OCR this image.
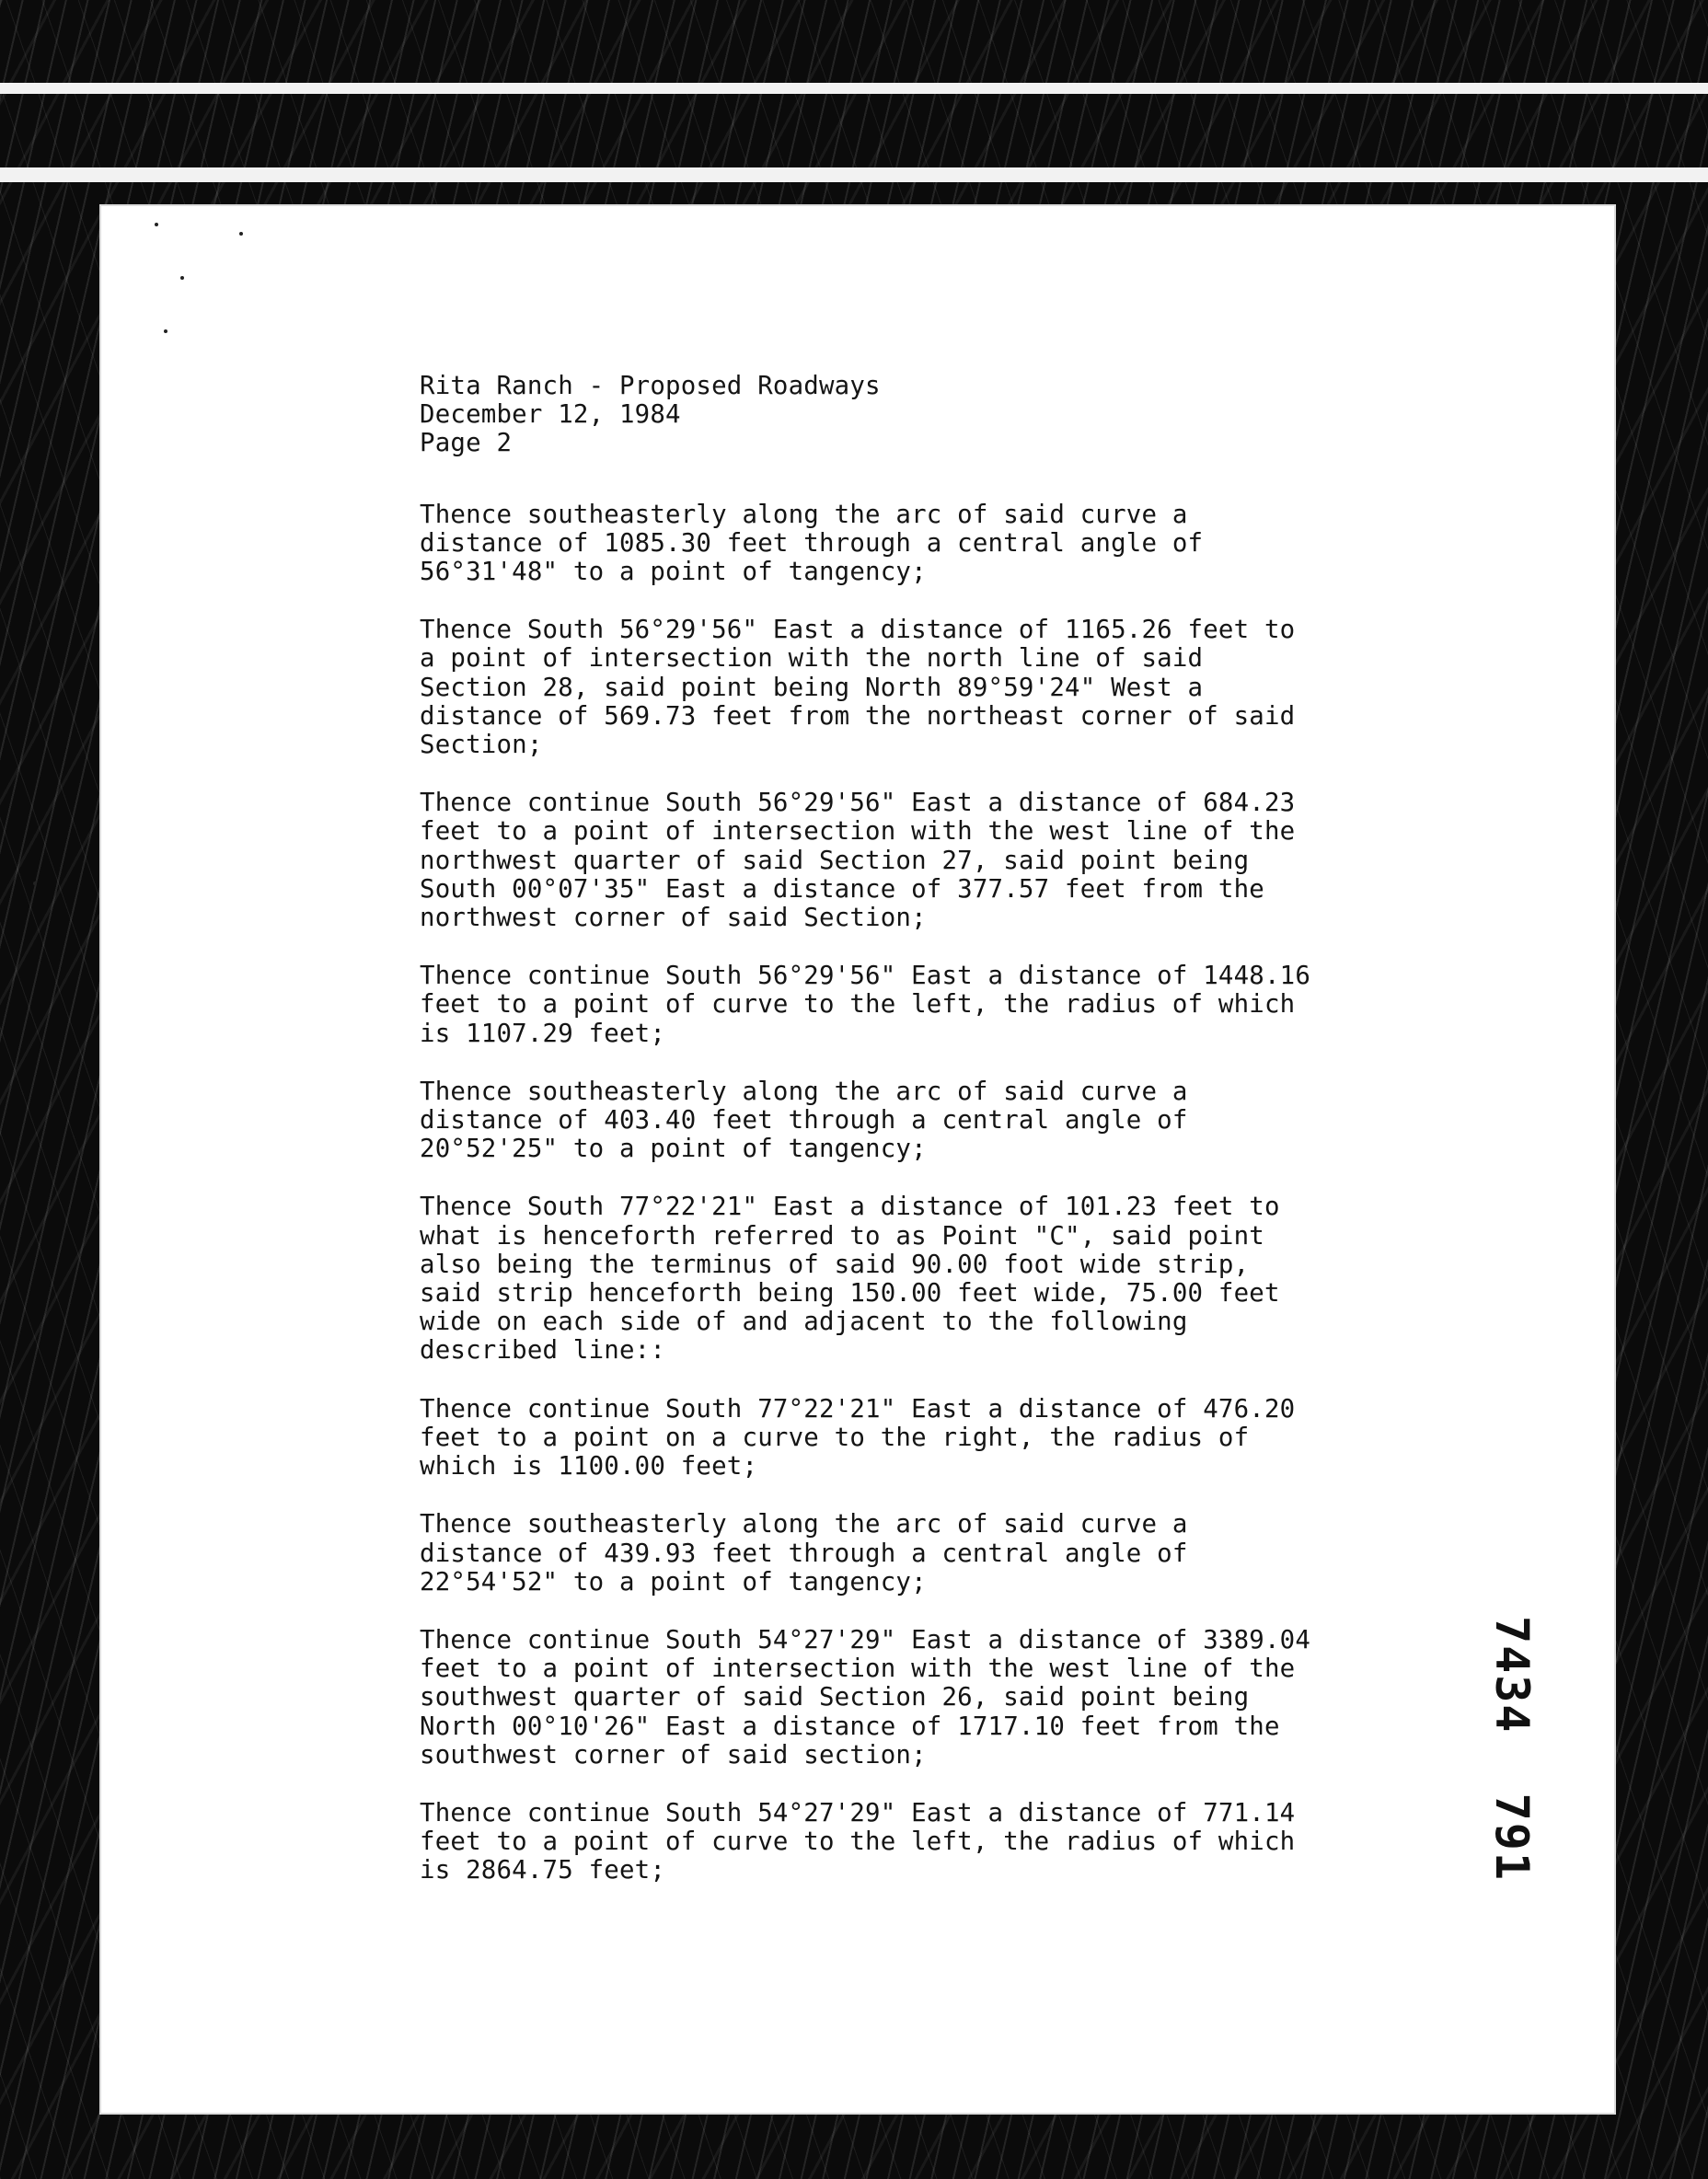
Rita Ranch - Proposed Roadways

December 12, 1984

Page 2

Thence southeasterly along the arc of said curve a
distance of 1085.30 feet through a central angle of
56°31'48" to a point of tangency;

Thence South 56°29'56" East a distance of 1165.26 feet to
a point of intersection with the north line of said
Section 28, said point being North 89°59'24" West a
distance of 569.73 feet from the northeast corner of said
Section;

Thence continue South 56°29'56" East a distance of 684.23
feet to a point of intersection with the west line of the
northwest quarter of said Section 27, said point being
South 00°07'35" East a distance of 377.57 feet from the
northwest corner of said Section;

Thence continue South 56°29'56" East a distance of 1448.16
feet to a point of curve to the left, the radius of which
is 1107.29 feet;

Thence southeasterly along the arc of said curve a
distance of 403.40 feet through a central angle of
20°52'25" to a point of tangency;

Thence South 77°22'21" East a distance of 101.23 feet to
what is henceforth referred to as Point "C", said point
also being the terminus of said 90.00 foot wide strip,
said strip henceforth being 150.00 feet wide, 75.00 feet
wide on each side of and adjacent to the following
described line::

Thence continue South 77°22'21" East a distance of 476.20
feet to a point on a curve to the right, the radius of
which is 1100.00 feet;

Thence southeasterly along the arc of said curve a
distance of 439.93 feet through a central angle of
22°54'52" to a point of tangency;

Thence continue South 54°27'29" East a distance of 3389.04
feet to a point of intersection with the west line of the
southwest quarter of said Section 26, said point being
North 00°10'26" East a distance of 1717.10 feet from the
southwest corner of said section;

Thence continue South 54°27'29" East a distance of 771.14
feet to a point of curve to the left, the radius of which
is 2864.75 feet;	7434  791
